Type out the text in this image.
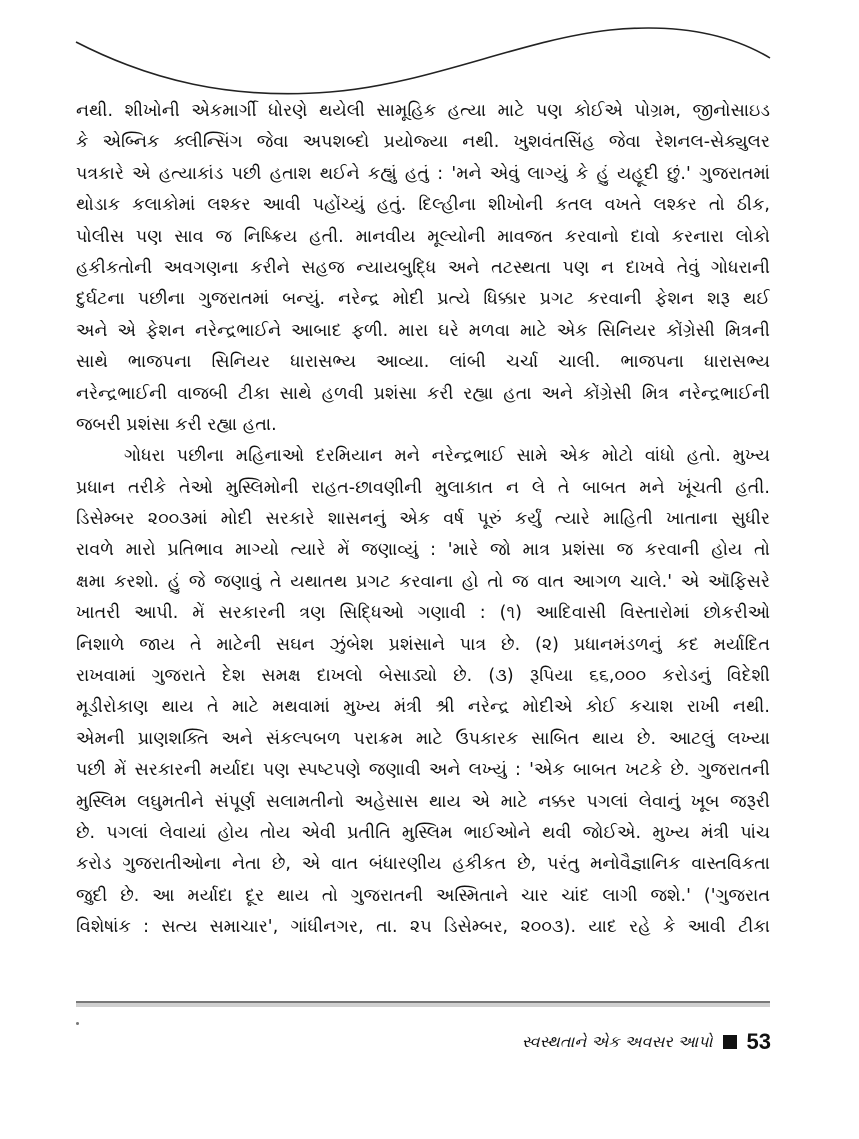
નથી. શીખોની એકમાર્ગી ધોરણે થયેલી સામૂહિક હત્યા માટે પણ કોઈએ પોગ્રમ, જીનોસાઇડ
કે એબ્નિક ક્લીન્સિંગ જેવા અપશબ્દો પ્રયોજ્યા નથી. ખુશવંતસિંહ જેવા રેશનલ-સેક્યુલર
પત્રકારે એ હત્યાકાંડ પછી હતાશ થઈને કહ્યું હતું : 'મને એવું લાગ્યું કે હું યહૂદી છું.' ગુજરાતમાં
થોડાક કલાકોમાં લશ્કર આવી પહોંચ્યું હતું. દિલ્હીના શીખોની કતલ વખતે લશ્કર તો ઠીક,
પોલીસ પણ સાવ જ નિષ્ક્રિય હતી. માનવીય મૂલ્યોની માવજત કરવાનો દાવો કરનારા લોકો
હકીકતોની અવગણના કરીને સહજ ન્યાયબુદ્ધિ અને તટસ્થતા પણ ન દાખવે તેવું ગોધરાની
દુર્ઘટના પછીના ગુજરાતમાં બન્યું. નરેન્દ્ર મોદી પ્રત્યે ધિક્કાર પ્રગટ કરવાની ફેશન શરૂ થઈ
અને એ ફેશન નરેન્દ્રભાઈને આબાદ ફળી. મારા ઘરે મળવા માટે એક સિનિયર કોંગ્રેસી મિત્રની
સાથે ભાજપના સિનિયર ધારાસભ્ય આવ્યા. લાંબી ચર્ચા ચાલી. ભાજપના ધારાસભ્ય
નરેન્દ્રભાઈની વાજબી ટીકા સાથે હળવી પ્રશંસા કરી રહ્યા હતા અને કોંગ્રેસી મિત્ર નરેન્દ્રભાઈની
જબરી પ્રશંસા કરી રહ્યા હતા.
ગોધરા પછીના મહિનાઓ દરમિયાન મને નરેન્દ્રભાઈ સામે એક મોટો વાંધો હતો. મુખ્ય
પ્રધાન તરીકે તેઓ મુસ્લિમોની રાહત-છાવણીની મુલાકાત ન લે તે બાબત મને ખૂંચતી હતી.
ડિસેમ્બર ૨૦૦૩માં મોદી સરકારે શાસનનું એક વર્ષ પૂરું કર્યું ત્યારે માહિતી ખાતાના સુધીર
રાવળે મારો પ્રતિભાવ માગ્યો ત્યારે મેં જણાવ્યું : 'મારે જો માત્ર પ્રશંસા જ કરવાની હોય તો
ક્ષમા કરશો. હું જે જણાવું તે યથાતથ પ્રગટ કરવાના હો તો જ વાત આગળ ચાલે.' એ ઑફિસરે
ખાતરી આપી. મેં સરકારની ત્રણ સિદ્ધિઓ ગણાવી : (૧) આદિવાસી વિસ્તારોમાં છોકરીઓ
નિશાળે જાય તે માટેની સઘન ઝુંબેશ પ્રશંસાને પાત્ર છે. (૨) પ્રધાનમંડળનું કદ મર્યાદિત
રાખવામાં ગુજરાતે દેશ સમક્ષ દાખલો બેસાડ્યો છે. (૩) રૂપિયા ૬૬,૦૦૦ કરોડનું વિદેશી
મૂડીરોકાણ થાય તે માટે મથવામાં મુખ્ય મંત્રી શ્રી નરેન્દ્ર મોદીએ કોઈ કચાશ રાખી નથી.
એમની પ્રાણશક્તિ અને સંકલ્પબળ પરાક્રમ માટે ઉપકારક સાબિત થાય છે. આટલું લખ્યા
પછી મેં સરકારની મર્યાદા પણ સ્પષ્ટપણે જણાવી અને લખ્યું : 'એક બાબત ખટકે છે. ગુજરાતની
મુસ્લિમ લઘુમતીને સંપૂર્ણ સલામતીનો અહેસાસ થાય એ માટે નક્કર પગલાં લેવાનું ખૂબ જરૂરી
છે. પગલાં લેવાયાં હોય તોય એવી પ્રતીતિ મુસ્લિમ ભાઈઓને થવી જોઈએ. મુખ્ય મંત્રી પાંચ
કરોડ ગુજરાતીઓના નેતા છે, એ વાત બંધારણીય હકીકત છે, પરંતુ મનોવૈજ્ઞાનિક વાસ્તવિકતા
જુદી છે. આ મર્યાદા દૂર થાય તો ગુજરાતની અસ્મિતાને ચાર ચાંદ લાગી જશે.' ('ગુજરાત
વિશેષાંક : સત્ય સમાચાર', ગાંધીનગર, તા. ૨૫ ડિસેમ્બર, ૨૦૦૩). યાદ રહે કે આવી ટીકા
સ્વસ્થતાને એક અવસર આપો 53
